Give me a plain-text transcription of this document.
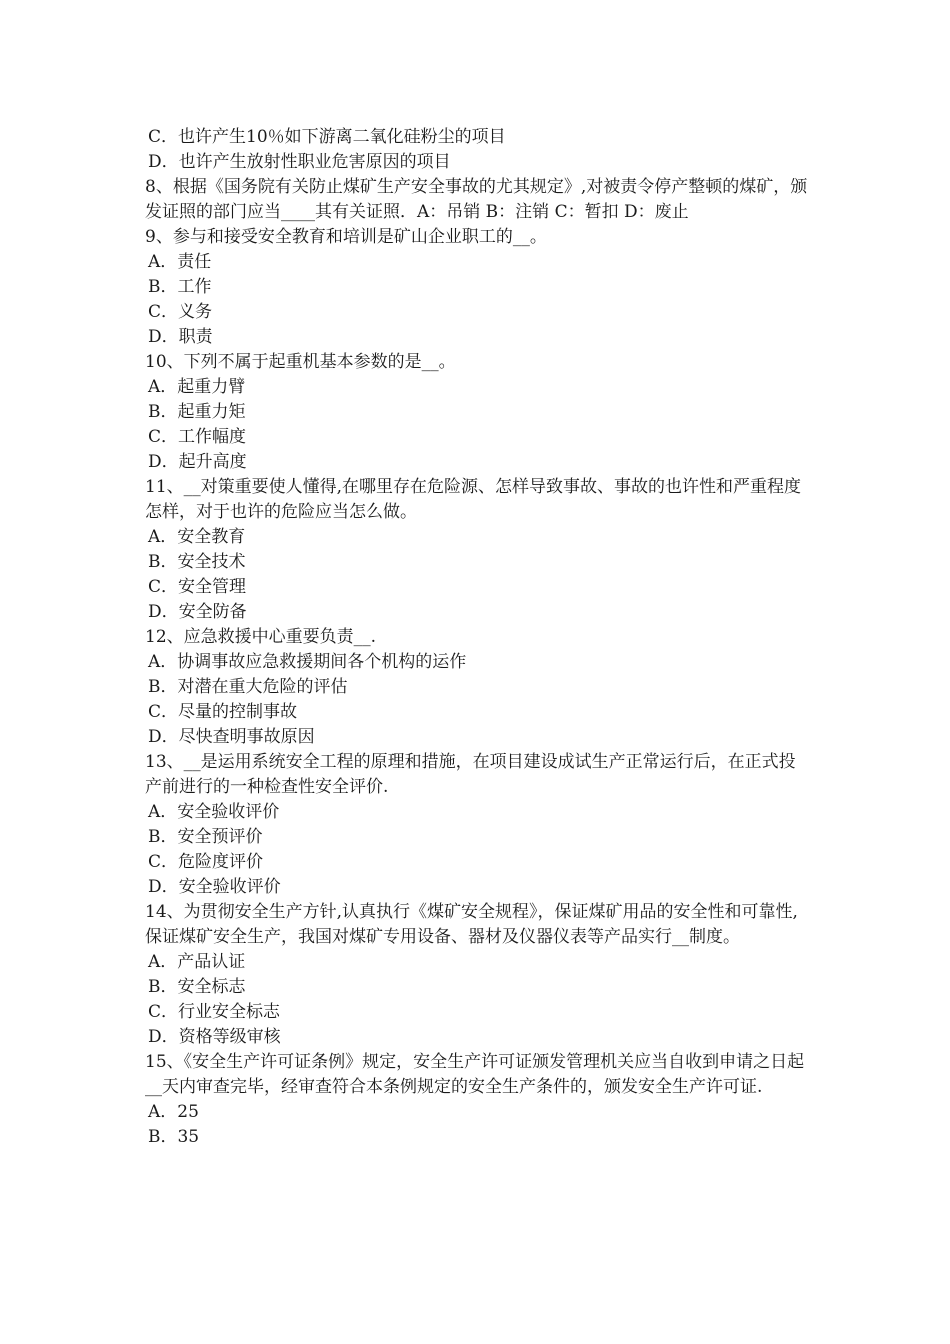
C．也许产生10％如下游离二氧化硅粉尘的项目
D．也许产生放射性职业危害原因的项目
8、根据《国务院有关防止煤矿生产安全事故的尤其规定》,对被责令停产整顿的煤矿，颁发证照的部门应当____其有关证照．A：吊销 B：注销 C：暂扣 D：废止
9、参与和接受安全教育和培训是矿山企业职工的__。
A．责任
B．工作
C．义务
D．职责
10、下列不属于起重机基本参数的是__。
A．起重力臂
B．起重力矩
C．工作幅度
D．起升高度
11、__对策重要使人懂得,在哪里存在危险源、怎样导致事故、事故的也许性和严重程度怎样，对于也许的危险应当怎么做。
A．安全教育
B．安全技术
C．安全管理
D．安全防备
12、应急救援中心重要负责__.
A．协调事故应急救援期间各个机构的运作
B．对潜在重大危险的评估
C．尽量的控制事故
D．尽快查明事故原因
13、__是运用系统安全工程的原理和措施，在项目建设成试生产正常运行后，在正式投产前进行的一种检查性安全评价.
A．安全验收评价
B．安全预评价
C．危险度评价
D．安全验收评价
14、为贯彻安全生产方针,认真执行《煤矿安全规程》，保证煤矿用品的安全性和可靠性,保证煤矿安全生产，我国对煤矿专用设备、器材及仪器仪表等产品实行__制度。
A．产品认证
B．安全标志
C．行业安全标志
D．资格等级审核
15、《安全生产许可证条例》规定，安全生产许可证颁发管理机关应当自收到申请之日起__天内审查完毕，经审查符合本条例规定的安全生产条件的，颁发安全生产许可证.
A．25
B．35
